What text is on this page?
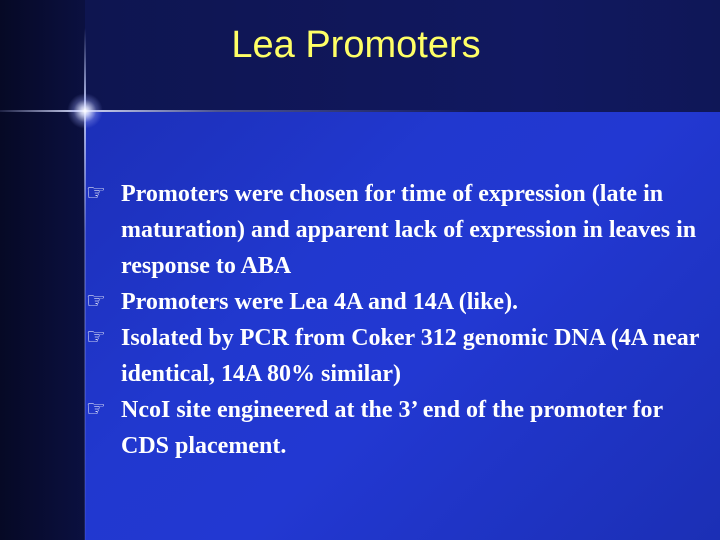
Lea Promoters
☞ Promoters were chosen for time of expression (late in maturation) and apparent lack of expression in leaves in response to ABA
☞ Promoters were Lea 4A and 14A (like).
☞ Isolated by PCR from Coker 312 genomic DNA (4A near identical, 14A 80% similar)
☞ NcoI site engineered at the 3’ end of the promoter for CDS placement.
